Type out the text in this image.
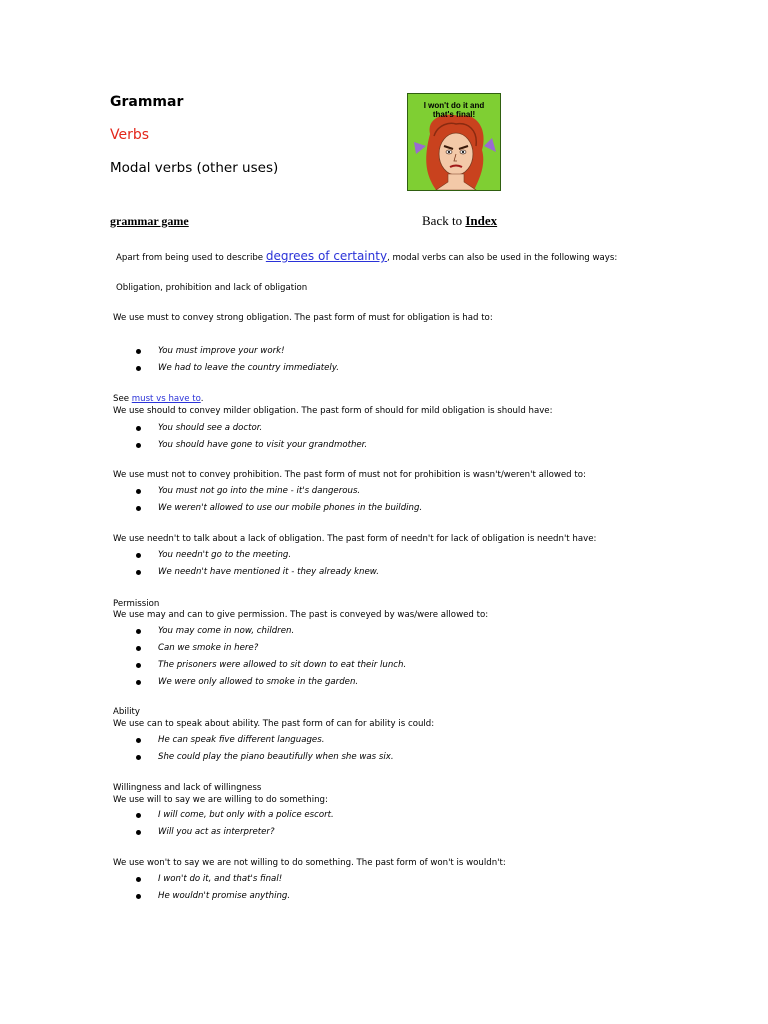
Grammar
Verbs
Modal verbs (other uses)
I won't do it and
that's final!
grammar game	Back to Index
Apart from being used to describe degrees of certainty, modal verbs can also be used in the following ways:
Obligation, prohibition and lack of obligation
We use must to convey strong obligation. The past form of must for obligation is had to:
You must improve your work!
We had to leave the country immediately.
See must vs have to.
We use should to convey milder obligation. The past form of should for mild obligation is should have:
You should see a doctor.
You should have gone to visit your grandmother.
We use must not to convey prohibition. The past form of must not for prohibition is wasn't/weren't allowed to:
You must not go into the mine - it's dangerous.
We weren't allowed to use our mobile phones in the building.
We use needn't to talk about a lack of obligation. The past form of needn't for lack of obligation is needn't have:
You needn't go to the meeting.
We needn't have mentioned it - they already knew.
Permission
We use may and can to give permission. The past is conveyed by was/were allowed to:
You may come in now, children.
Can we smoke in here?
The prisoners were allowed to sit down to eat their lunch.
We were only allowed to smoke in the garden.
Ability
We use can to speak about ability. The past form of can for ability is could:
He can speak five different languages.
She could play the piano beautifully when she was six.
Willingness and lack of willingness
We use will to say we are willing to do something:
I will come, but only with a police escort.
Will you act as interpreter?
We use won't to say we are not willing to do something. The past form of won't is wouldn't:
I won't do it, and that's final!
He wouldn't promise anything.
